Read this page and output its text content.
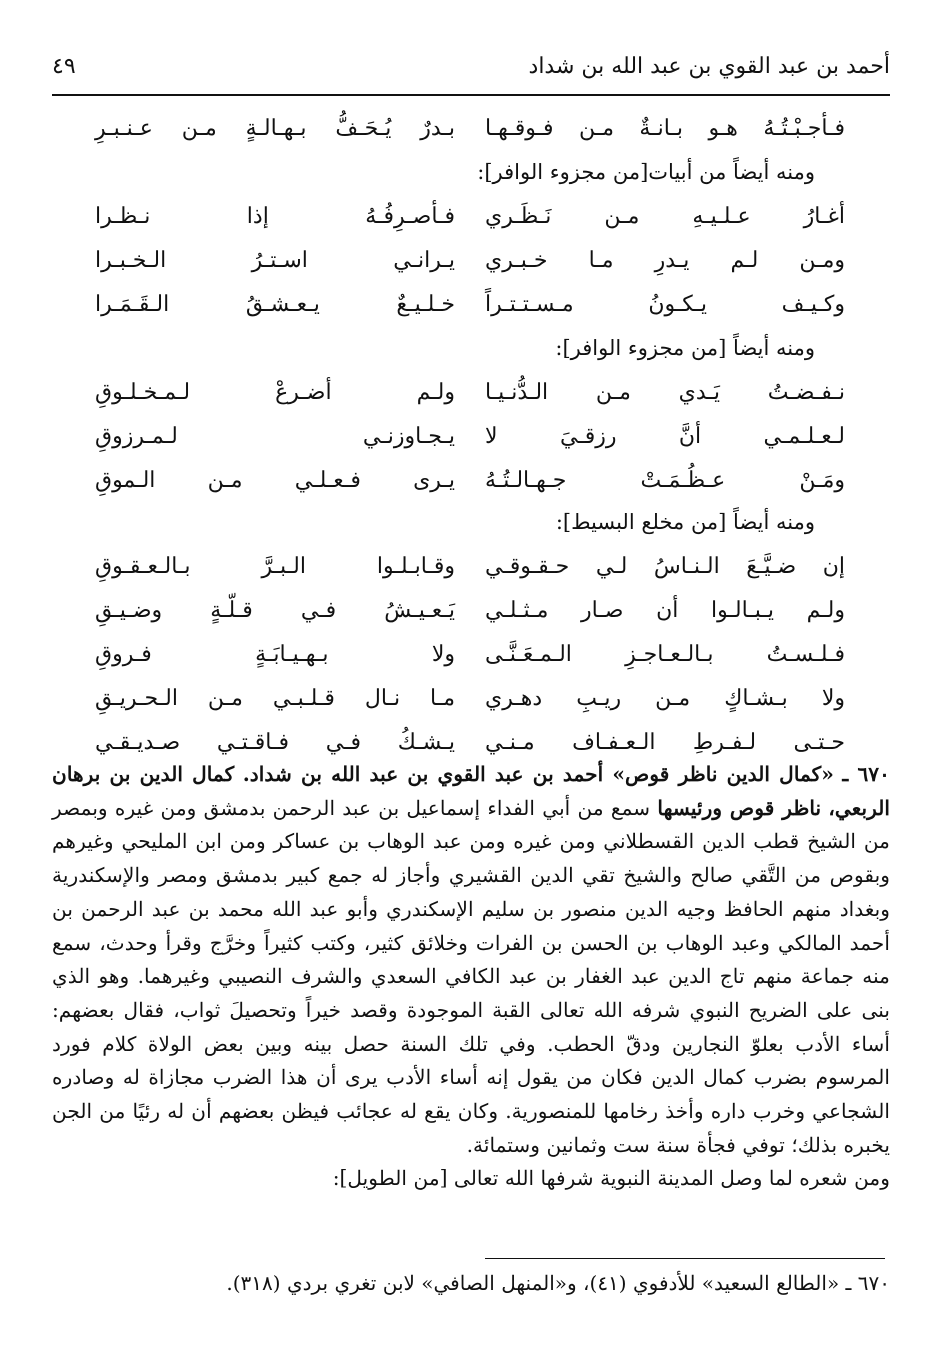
أحمد بن عبد القوي بن عبد الله بن شداد
٤٩
فـأجـبْـتُـهُ هـو بـانـةٌ مـن فـوقـهـا
بـدرٌ يُـحَـفُّ بـهـالـةٍ مـن عـنـبـرِ
ومنه أيضاً من أبيات[من مجزوء الوافر]:
أغـارُ عـلـيـهِ مـن نَـظَـري
فـأصـرِفُـهُ إذا نـظـرا
ومـن لـم يـدرِ مـا خـبـري
يـرانـي اسـتـرُ الـخـبـرا
وكـيـف يـكـونُ مـسـتـتـراً
خـلـيـعٌ يـعـشـقُ الـقَـمَـرا
ومنه أيضاً [من مجزوء الوافر]:
نـفـضـتُ يَـدي مـن الـدُّنـيـا
ولـم أضـرعْ لـمـخـلـوقِ
لـعـلـمـي أنَّ رزقـيَ لا
يـجـاوزنـي لـمـرزوقِ
ومَـنْ عـظُـمَـتْ جـهـالـتُـهُ
يـرى فـعـلـي مـن الـموقِ
ومنه أيضاً [من مخلع البسيط]:
إن ضـيَّـعَ الـنـاسُ لـي حـقـوقـي
وقـابـلـوا الـبـرَّ بـالـعـقـوقِ
ولـم يـبـالـوا أن صـار مـثـلـي
يَـعـيـشُ فـي قـلّـةٍ وضـيـقِ
فـلـسـتُ بـالـعـاجـزِ الـمـعَـنَّـى
ولا بـهـيـابَـةٍ فـروقِ
ولا بـشـاكٍ مـن ريـبِ دهـري
مـا نـال قـلـبـي مـن الـحـريـقِ
حـتـى لـفـرطِ الـعـفـاف مـنـي
يـشـكُ فـي فـاقـتـي صـديـقـي

٦٧٠ ـ «كمال الدين ناظر قوص» أحمد بن عبد القوي بن عبد الله بن شداد. كمال الدين بن برهان الربعي، ناظر قوص ورئيسها سمع من أبي الفداء إسماعيل بن عبد الرحمن بدمشق ومن غيره وبمصر من الشيخ قطب الدين القسطلاني ومن غيره ومن عبد الوهاب بن عساكر ومن ابن المليحي وغيرهم وبقوص من التَّقي صالح والشيخ تقي الدين القشيري وأجاز له جمع كبير بدمشق ومصر والإسكندرية وبغداد منهم الحافظ وجيه الدين منصور بن سليم الإسكندري وأبو عبد الله محمد بن عبد الرحمن بن أحمد المالكي وعبد الوهاب بن الحسن بن الفرات وخلائق كثير، وكتب كثيراً وخرَّج وقرأ وحدث، سمع منه جماعة منهم تاج الدين عبد الغفار بن عبد الكافي السعدي والشرف النصيبي وغيرهما. وهو الذي بنى على الضريح النبوي شرفه الله تعالى القبة الموجودة وقصد خيراً وتحصيلَ ثواب، فقال بعضهم: أساء الأدب بعلوّ النجارين ودقّ الحطب. وفي تلك السنة حصل بينه وبين بعض الولاة كلام فورد المرسوم بضرب كمال الدين فكان من يقول إنه أساء الأدب يرى أن هذا الضرب مجازاة له وصادره الشجاعي وخرب داره وأخذ رخامها للمنصورية. وكان يقع له عجائب فيظن بعضهم أن له رئيًا من الجن يخبره بذلك؛ توفي فجأة سنة ست وثمانين وستمائة.

ومن شعره لما وصل المدينة النبوية شرفها الله تعالى [من الطويل]:

٦٧٠ ـ «الطالع السعيد» للأدفوي (٤١)، و«المنهل الصافي» لابن تغري بردي (٣١٨).
